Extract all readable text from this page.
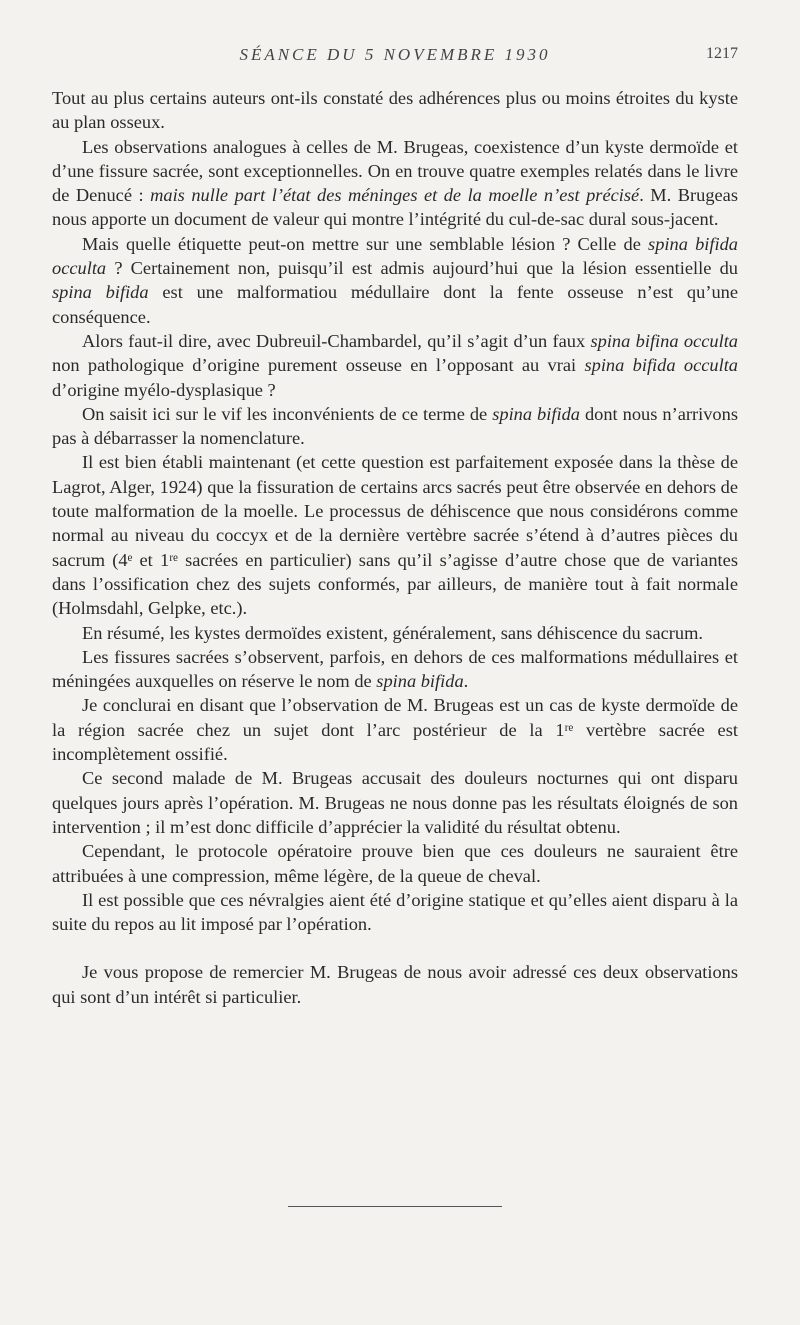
SÉANCE DU 5 NOVEMBRE 1930	1217

Tout au plus certains auteurs ont-ils constaté des adhérences plus ou moins étroites du kyste au plan osseux.

Les observations analogues à celles de M. Brugeas, coexistence d’un kyste dermoïde et d’une fissure sacrée, sont exceptionnelles. On en trouve quatre exemples relatés dans le livre de Denucé : mais nulle part l’état des méninges et de la moelle n’est précisé. M. Brugeas nous apporte un document de valeur qui montre l’intégrité du cul-de-sac dural sous-jacent.

Mais quelle étiquette peut-on mettre sur une semblable lésion ? Celle de spina bifida occulta ? Certainement non, puisqu’il est admis aujourd’hui que la lésion essentielle du spina bifida est une malformatiou médullaire dont la fente osseuse n’est qu’une conséquence.

Alors faut-il dire, avec Dubreuil-Chambardel, qu’il s’agit d’un faux spina bifina occulta non pathologique d’origine purement osseuse en l’opposant au vrai spina bifida occulta d’origine myélo-dysplasique ?

On saisit ici sur le vif les inconvénients de ce terme de spina bifida dont nous n’arrivons pas à débarrasser la nomenclature.

Il est bien établi maintenant (et cette question est parfaitement exposée dans la thèse de Lagrot, Alger, 1924) que la fissuration de certains arcs sacrés peut être observée en dehors de toute malformation de la moelle. Le processus de déhiscence que nous considérons comme normal au niveau du coccyx et de la dernière vertèbre sacrée s’étend à d’autres pièces du sacrum (4ᵉ et 1ʳᵉ sacrées en particulier) sans qu’il s’agisse d’autre chose que de variantes dans l’ossification chez des sujets conformés, par ailleurs, de manière tout à fait normale (Holmsdahl, Gelpke, etc.).

En résumé, les kystes dermoïdes existent, généralement, sans déhiscence du sacrum.

Les fissures sacrées s’observent, parfois, en dehors de ces malformations médullaires et méningées auxquelles on réserve le nom de spina bifida.

Je conclurai en disant que l’observation de M. Brugeas est un cas de kyste dermoïde de la région sacrée chez un sujet dont l’arc postérieur de la 1ʳᵉ vertèbre sacrée est incomplètement ossifié.

Ce second malade de M. Brugeas accusait des douleurs nocturnes qui ont disparu quelques jours après l’opération. M. Brugeas ne nous donne pas les résultats éloignés de son intervention ; il m’est donc difficile d’apprécier la validité du résultat obtenu.

Cependant, le protocole opératoire prouve bien que ces douleurs ne sauraient être attribuées à une compression, même légère, de la queue de cheval.

Il est possible que ces névralgies aient été d’origine statique et qu’elles aient disparu à la suite du repos au lit imposé par l’opération.

Je vous propose de remercier M. Brugeas de nous avoir adressé ces deux observations qui sont d’un intérêt si particulier.
